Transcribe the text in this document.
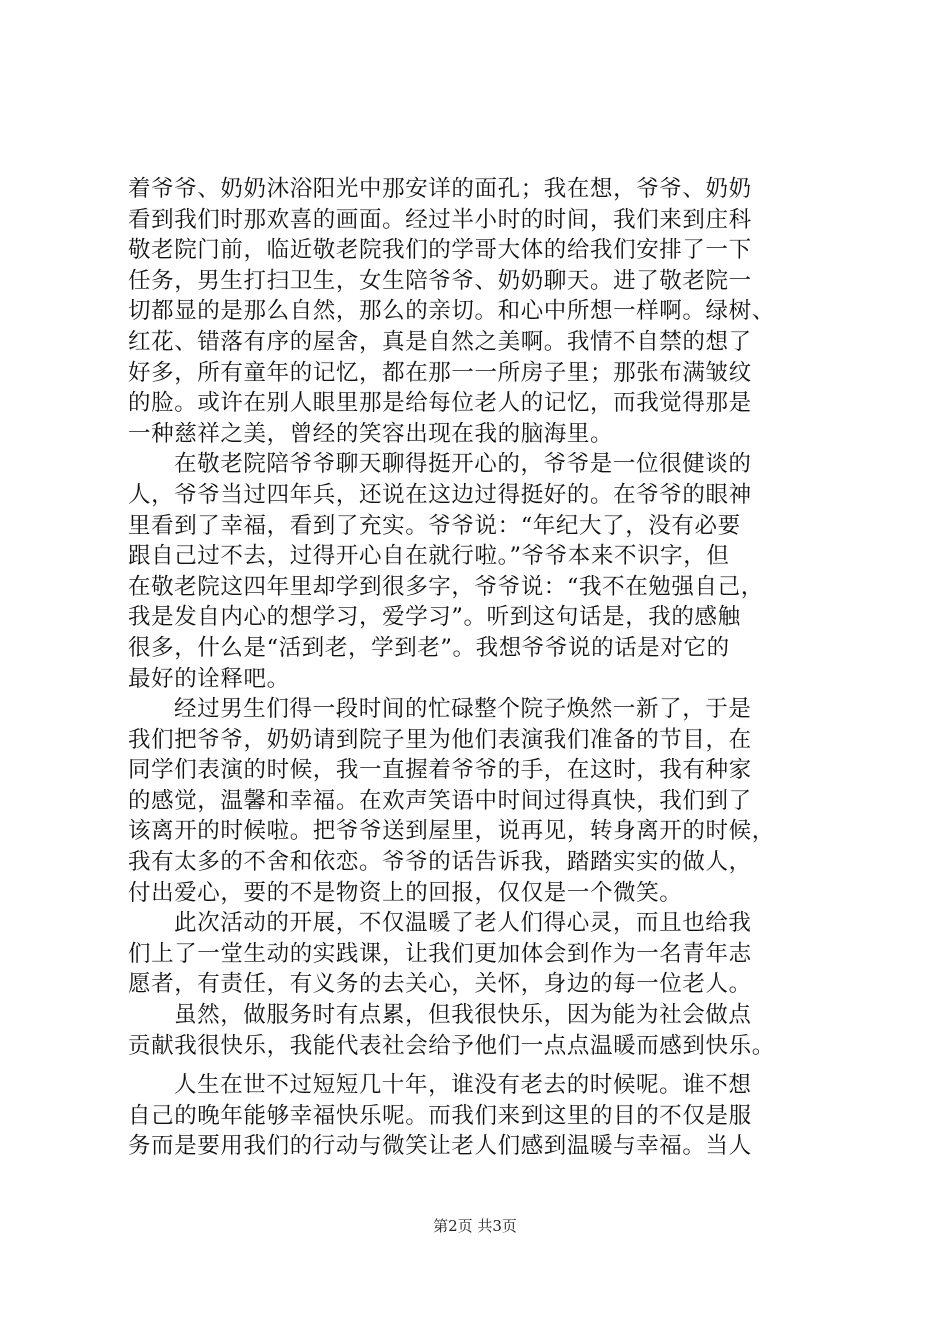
着爷爷、奶奶沐浴阳光中那安详的面孔；我在想，爷爷、奶奶
看到我们时那欢喜的画面。经过半小时的时间，我们来到庄科
敬老院门前，临近敬老院我们的学哥大体的给我们安排了一下
任务，男生打扫卫生，女生陪爷爷、奶奶聊天。进了敬老院一
切都显的是那么自然，那么的亲切。和心中所想一样啊。绿树、
红花、错落有序的屋舍，真是自然之美啊。我情不自禁的想了
好多，所有童年的记忆，都在那一一所房子里；那张布满皱纹
的脸。或许在别人眼里那是给每位老人的记忆，而我觉得那是
一种慈祥之美，曾经的笑容出现在我的脑海里。
在敬老院陪爷爷聊天聊得挺开心的，爷爷是一位很健谈的
人，爷爷当过四年兵，还说在这边过得挺好的。在爷爷的眼神
里看到了幸福，看到了充实。爷爷说：“年纪大了，没有必要
跟自己过不去，过得开心自在就行啦。”爷爷本来不识字，但
在敬老院这四年里却学到很多字，爷爷说：“我不在勉强自己，
我是发自内心的想学习，爱学习”。听到这句话是，我的感触
很多，什么是“活到老，学到老”。我想爷爷说的话是对它的
最好的诠释吧。
经过男生们得一段时间的忙碌整个院子焕然一新了，于是
我们把爷爷，奶奶请到院子里为他们表演我们准备的节目，在
同学们表演的时候，我一直握着爷爷的手，在这时，我有种家
的感觉，温馨和幸福。在欢声笑语中时间过得真快，我们到了
该离开的时候啦。把爷爷送到屋里，说再见，转身离开的时候，
我有太多的不舍和依恋。爷爷的话告诉我，踏踏实实的做人，
付出爱心，要的不是物资上的回报，仅仅是一个微笑。
此次活动的开展，不仅温暖了老人们得心灵，而且也给我
们上了一堂生动的实践课，让我们更加体会到作为一名青年志
愿者，有责任，有义务的去关心，关怀，身边的每一位老人。
虽然，做服务时有点累，但我很快乐，因为能为社会做点
贡献我很快乐，我能代表社会给予他们一点点温暖而感到快乐。
人生在世不过短短几十年，谁没有老去的时候呢。谁不想
自己的晚年能够幸福快乐呢。而我们来到这里的目的不仅是服
务而是要用我们的行动与微笑让老人们感到温暖与幸福。当人
第2页 共3页
